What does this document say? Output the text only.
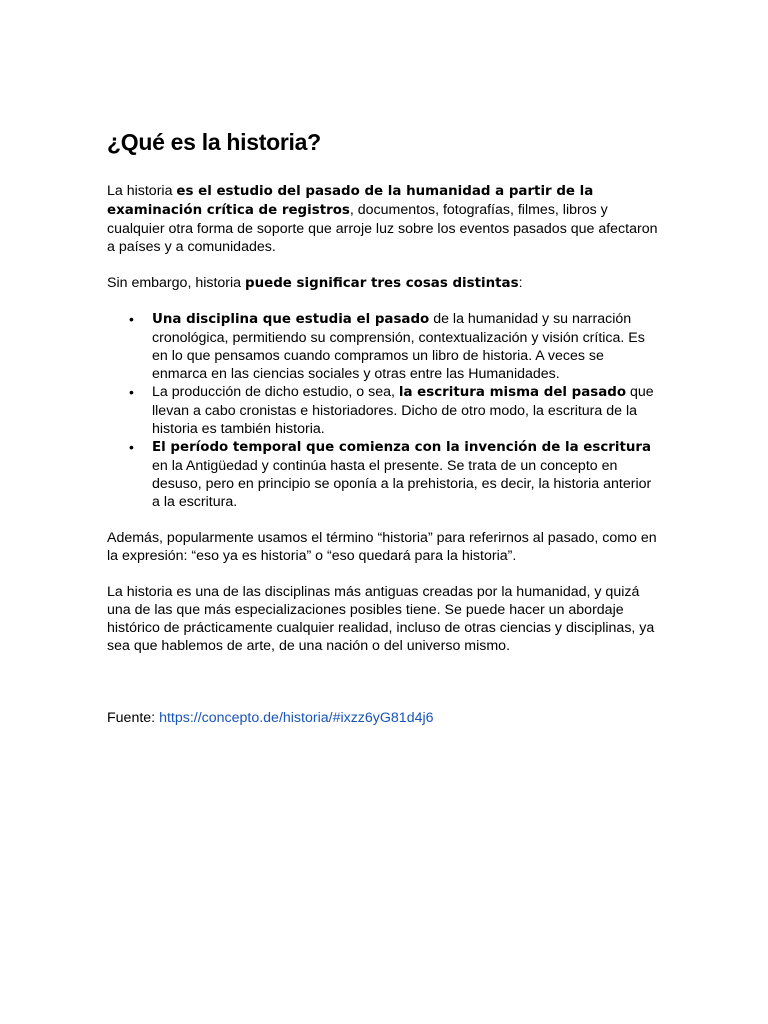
¿Qué es la historia?

La historia es el estudio del pasado de la humanidad a partir de la examinación crítica de registros, documentos, fotografías, filmes, libros y cualquier otra forma de soporte que arroje luz sobre los eventos pasados que afectaron a países y a comunidades.

Sin embargo, historia puede significar tres cosas distintas:

• Una disciplina que estudia el pasado de la humanidad y su narración cronológica, permitiendo su comprensión, contextualización y visión crítica. Es en lo que pensamos cuando compramos un libro de historia. A veces se enmarca en las ciencias sociales y otras entre las Humanidades.
• La producción de dicho estudio, o sea, la escritura misma del pasado que llevan a cabo cronistas e historiadores. Dicho de otro modo, la escritura de la historia es también historia.
• El período temporal que comienza con la invención de la escritura en la Antigüedad y continúa hasta el presente. Se trata de un concepto en desuso, pero en principio se oponía a la prehistoria, es decir, la historia anterior a la escritura.

Además, popularmente usamos el término “historia” para referirnos al pasado, como en la expresión: “eso ya es historia” o “eso quedará para la historia”.

La historia es una de las disciplinas más antiguas creadas por la humanidad, y quizá una de las que más especializaciones posibles tiene. Se puede hacer un abordaje histórico de prácticamente cualquier realidad, incluso de otras ciencias y disciplinas, ya sea que hablemos de arte, de una nación o del universo mismo.

Fuente: https://concepto.de/historia/#ixzz6yG81d4j6
